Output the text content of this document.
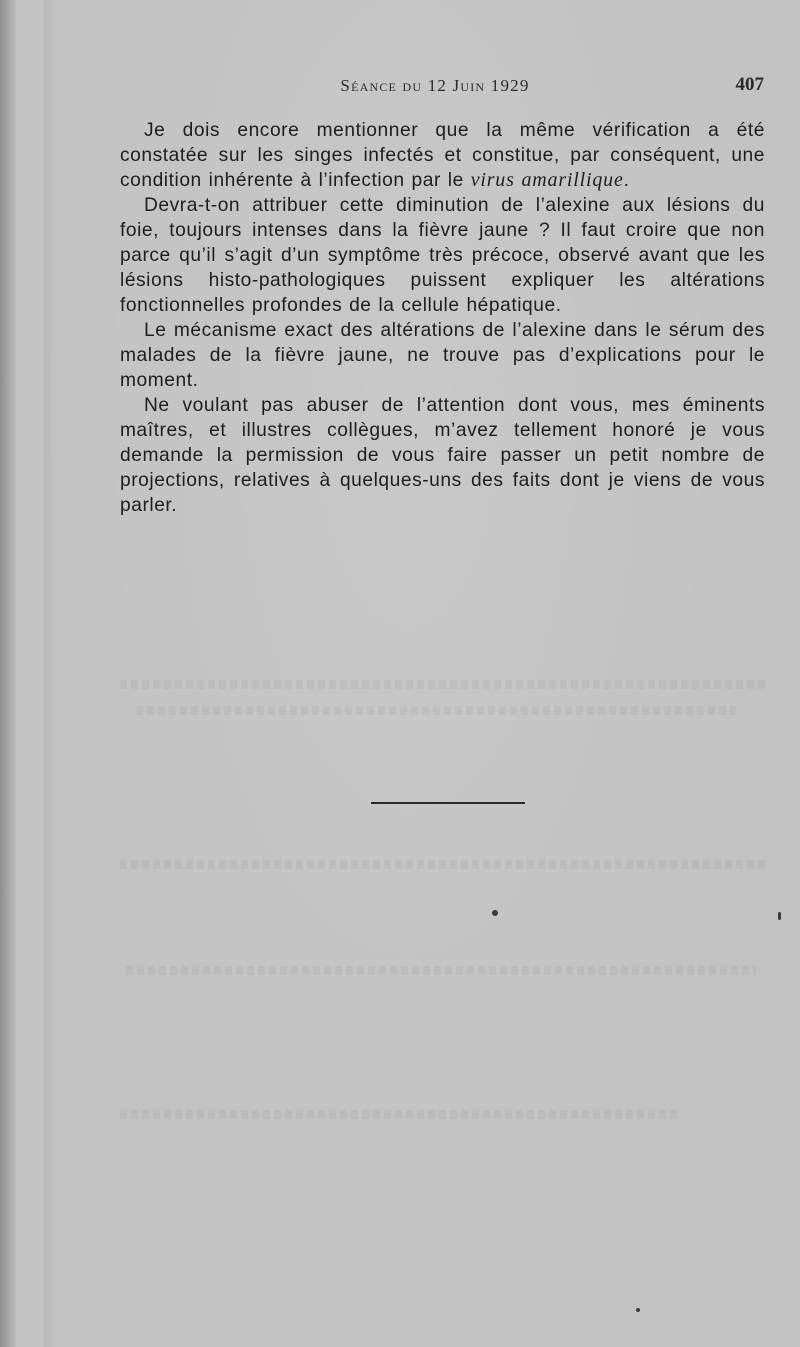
Séance du 12 Juin 1929	407

Je dois encore mentionner que la même vérification a été constatée sur les singes infectés et constitue, par conséquent, une condition inhérente à l’infection par le virus amarillique.

Devra-t-on attribuer cette diminution de l’alexine aux lésions du foie, toujours intenses dans la fièvre jaune ? Il faut croire que non parce qu’il s’agit d’un symptôme très précoce, observé avant que les lésions histo-pathologiques puissent expliquer les altérations fonctionnelles profondes de la cellule hépatique.

Le mécanisme exact des altérations de l’alexine dans le sérum des malades de la fièvre jaune, ne trouve pas d’explications pour le moment.

Ne voulant pas abuser de l’attention dont vous, mes éminents maîtres, et illustres collègues, m’avez tellement honoré je vous demande la permission de vous faire passer un petit nombre de projections, relatives à quelques-uns des faits dont je viens de vous parler.
